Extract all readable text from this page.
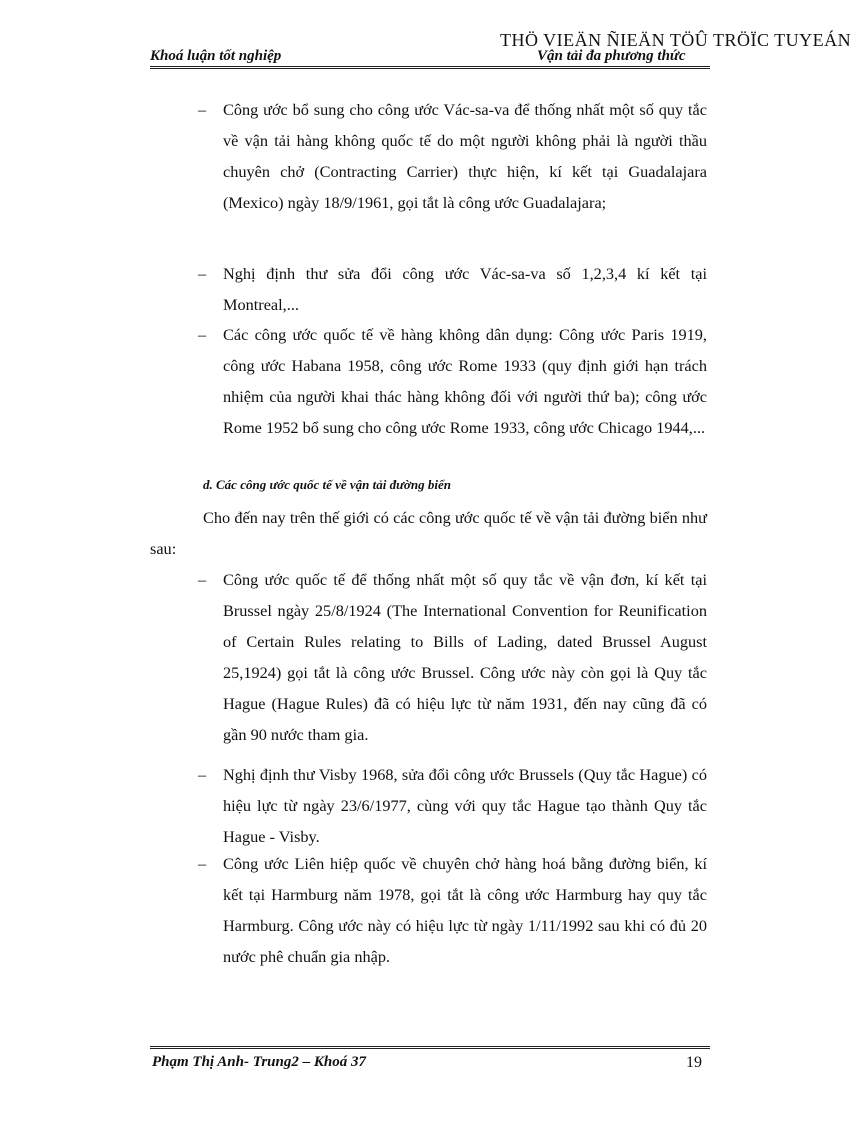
THÖ VIEÄN ÑIEÄN TÖÛ TRÖÏC TUYEÁN
Khoá luận tốt nghiệp	Vận tải đa phương thức
– Công ước bổ sung cho công ước Vác-sa-va để thống nhất một số quy tắc về vận tải hàng không quốc tế do một người không phải là người thầu chuyên chở (Contracting Carrier) thực hiện, kí kết tại Guadalajara (Mexico) ngày 18/9/1961, gọi tắt là công ước Guadalajara;
– Nghị định thư sửa đổi công ước Vác-sa-va số 1,2,3,4 kí kết tại Montreal,...
– Các công ước quốc tế về hàng không dân dụng: Công ước Paris 1919, công ước Habana 1958, công ước Rome 1933 (quy định giới hạn trách nhiệm của người khai thác hàng không đối với người thứ ba); công ước Rome 1952 bổ sung cho công ước Rome 1933, công ước Chicago 1944,...
d. Các công ước quốc tế về vận tải đường biển
Cho đến nay trên thế giới có các công ước quốc tế về vận tải đường biển như sau:
– Công ước quốc tế để thống nhất một số quy tắc về vận đơn, kí kết tại Brussel ngày 25/8/1924 (The International Convention for Reunification of Certain Rules relating to Bills of Lading, dated Brussel August 25,1924) gọi tắt là công ước Brussel. Công ước này còn gọi là Quy tắc Hague (Hague Rules) đã có hiệu lực từ năm 1931, đến nay cũng đã có gần 90 nước tham gia.
– Nghị định thư Visby 1968, sửa đổi công ước Brussels (Quy tắc Hague) có hiệu lực từ ngày 23/6/1977, cùng với quy tắc Hague tạo thành Quy tắc Hague - Visby.
– Công ước Liên hiệp quốc về chuyên chở hàng hoá bằng đường biển, kí kết tại Harmburg năm 1978, gọi tắt là công ước Harmburg hay quy tắc Harmburg. Công ước này có hiệu lực từ ngày 1/11/1992 sau khi có đủ 20 nước phê chuẩn gia nhập.
Phạm Thị Anh- Trung2 – Khoá 37	19
